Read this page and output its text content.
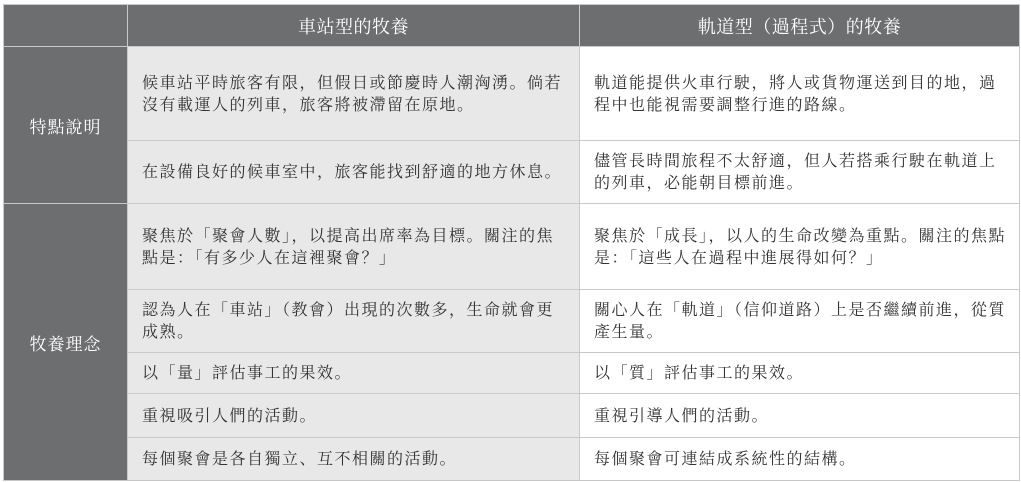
	車站型的牧養	軌道型（過程式）的牧養
特點說明	候車站平時旅客有限，但假日或節慶時人潮洶湧。倘若沒有載運人的列車，旅客將被滯留在原地。	軌道能提供火車行駛，將人或貨物運送到目的地，過程中也能視需要調整行進的路線。
	在設備良好的候車室中，旅客能找到舒適的地方休息。	儘管長時間旅程不太舒適，但人若搭乘行駛在軌道上的列車，必能朝目標前進。
牧養理念	聚焦於「聚會人數」，以提高出席率為目標。關注的焦點是：「有多少人在這裡聚會？」	聚焦於「成長」，以人的生命改變為重點。關注的焦點是：「這些人在過程中進展得如何？」
	認為人在「車站」（教會）出現的次數多，生命就會更成熟。	關心人在「軌道」（信仰道路）上是否繼續前進，從質產生量。
	以「量」評估事工的果效。	以「質」評估事工的果效。
	重視吸引人們的活動。	重視引導人們的活動。
	每個聚會是各自獨立、互不相關的活動。	每個聚會可連結成系統性的結構。
